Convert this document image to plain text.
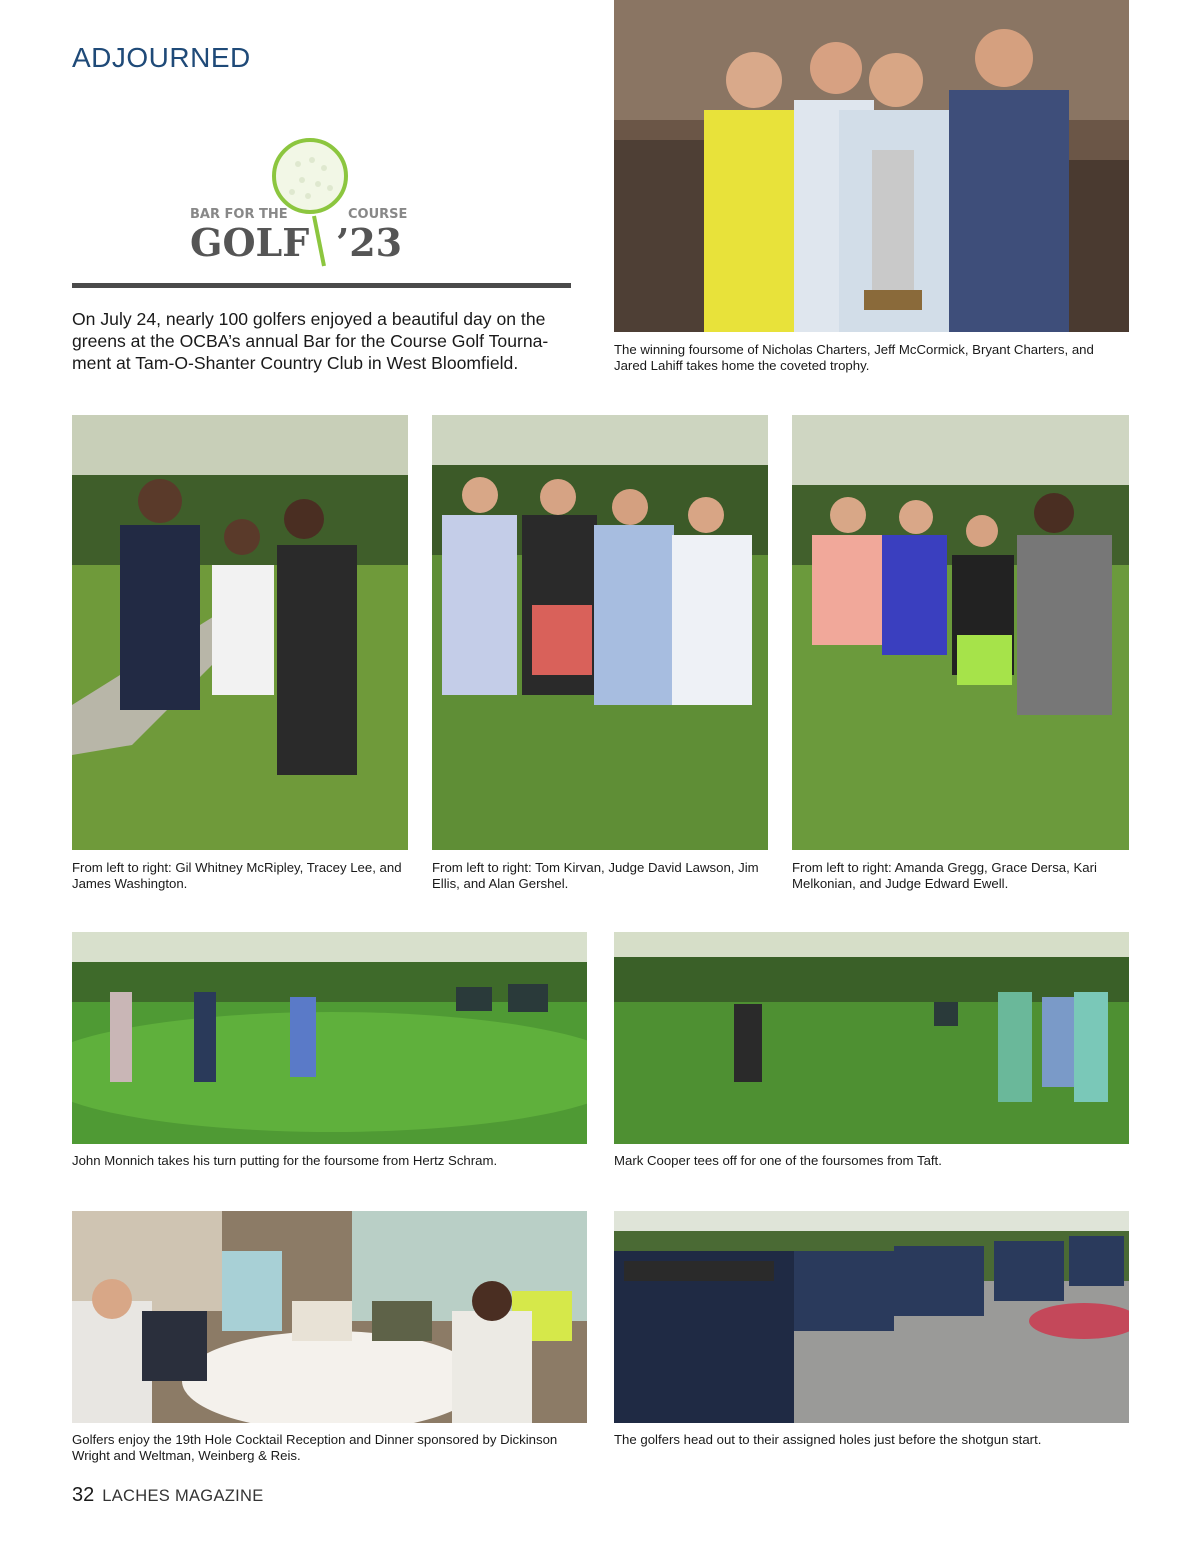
ADJOURNED
BAR FOR THE	COURSE
GOLF ’23
On July 24, nearly 100 golfers enjoyed a beautiful day on the greens at the OCBA’s annual Bar for the Course Golf Tourna-ment at Tam-O-Shanter Country Club in West Bloomfield.
The winning foursome of Nicholas Charters, Jeff McCormick, Bryant Charters, and Jared Lahiff takes home the coveted trophy.
From left to right: Gil Whitney McRipley, Tracey Lee, and James Washington.
From left to right: Tom Kirvan, Judge David Lawson, Jim Ellis, and Alan Gershel.
From left to right: Amanda Gregg, Grace Dersa, Kari Melkonian, and Judge Edward Ewell.
John Monnich takes his turn putting for the foursome from Hertz Schram.	Mark Cooper tees off for one of the foursomes from Taft.
Golfers enjoy the 19th Hole Cocktail Reception and Dinner sponsored by Dickinson Wright and Weltman, Weinberg & Reis.
The golfers head out to their assigned holes just before the shotgun start.
32 LACHES MAGAZINE
